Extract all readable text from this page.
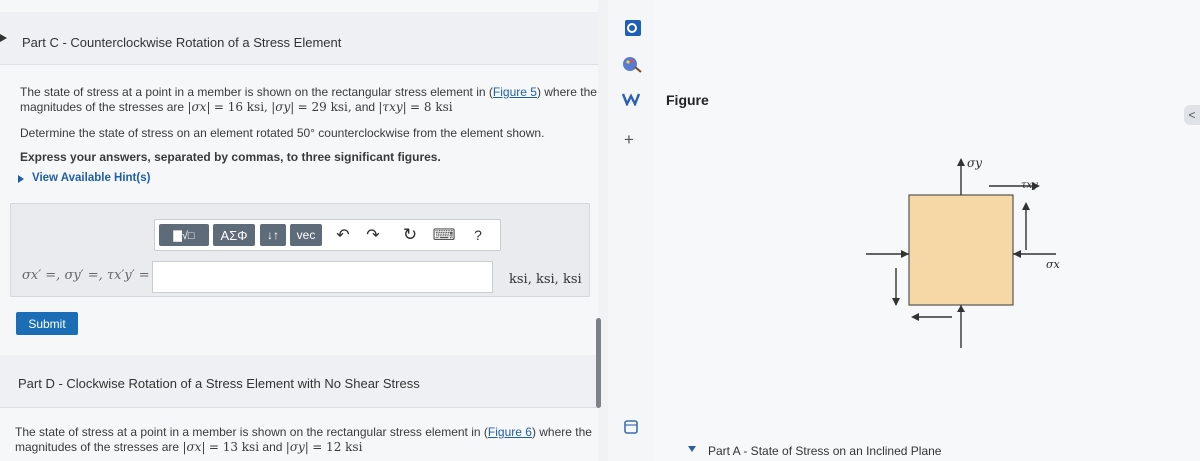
Part C - Counterclockwise Rotation of a Stress Element
The state of stress at a point in a member is shown on the rectangular stress element in (Figure 5) where the
magnitudes of the stresses are |σx| = 16 ksi, |σy| = 29 ksi, and |τxy| = 8 ksi
Determine the state of stress on an element rotated 50° counterclockwise from the element shown.
Express your answers, separated by commas, to three significant figures.
View Available Hint(s)
▇√□	ΑΣΦ	↓↑	vec	↶ ↷ ↻ ⌨	?
σx′ =, σy′ =, τx′y′ =	ksi, ksi, ksi
Submit
Part D - Clockwise Rotation of a Stress Element with No Shear Stress
The state of stress at a point in a member is shown on the rectangular stress element in (Figure 6) where the
magnitudes of the stresses are |σx| = 13 ksi and |σy| = 12 ksi
+
Figure
σy
τxy
σx
Part A - State of Stress on an Inclined Plane
<
